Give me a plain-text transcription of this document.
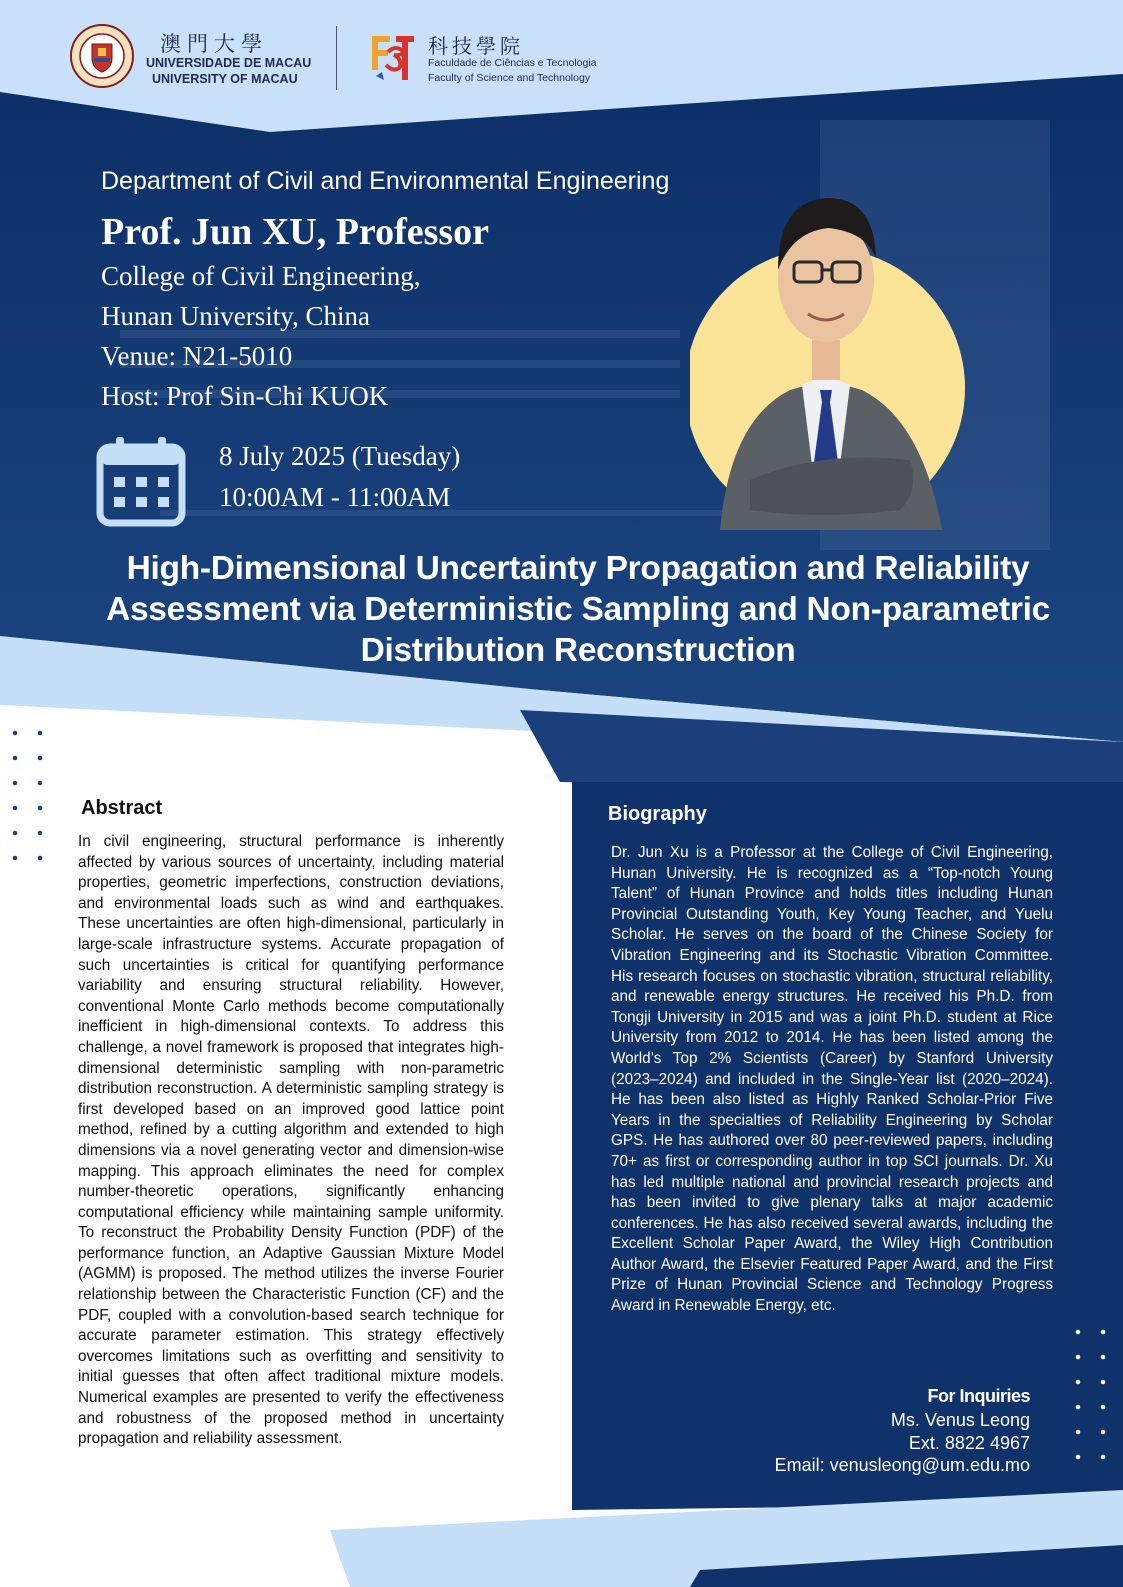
澳門大學
UNIVERSIDADE DE MACAU
UNIVERSITY OF MACAU
科技學院
Faculdade de Ciências e Tecnologia
Faculty of Science and Technology
Department of Civil and Environmental Engineering
Prof. Jun XU, Professor
College of Civil Engineering,
Hunan University, China
Venue: N21-5010
Host: Prof Sin-Chi KUOK
8 July 2025 (Tuesday)
10:00AM - 11:00AM
High-Dimensional Uncertainty Propagation and Reliability Assessment via Deterministic Sampling and Non-parametric Distribution Reconstruction
Abstract
In civil engineering, structural performance is inherently affected by various sources of uncertainty, including material properties, geometric imperfections, construction deviations, and environmental loads such as wind and earthquakes. These uncertainties are often high-dimensional, particularly in large-scale infrastructure systems. Accurate propagation of such uncertainties is critical for quantifying performance variability and ensuring structural reliability. However, conventional Monte Carlo methods become computationally inefficient in high-dimensional contexts. To address this challenge, a novel framework is proposed that integrates high-dimensional deterministic sampling with non-parametric distribution reconstruction. A deterministic sampling strategy is first developed based on an improved good lattice point method, refined by a cutting algorithm and extended to high dimensions via a novel generating vector and dimension-wise mapping. This approach eliminates the need for complex number-theoretic operations, significantly enhancing computational efficiency while maintaining sample uniformity. To reconstruct the Probability Density Function (PDF) of the performance function, an Adaptive Gaussian Mixture Model (AGMM) is proposed. The method utilizes the inverse Fourier relationship between the Characteristic Function (CF) and the PDF, coupled with a convolution-based search technique for accurate parameter estimation. This strategy effectively overcomes limitations such as overfitting and sensitivity to initial guesses that often affect traditional mixture models. Numerical examples are presented to verify the effectiveness and robustness of the proposed method in uncertainty propagation and reliability assessment.
Biography
Dr. Jun Xu is a Professor at the College of Civil Engineering, Hunan University. He is recognized as a “Top-notch Young Talent” of Hunan Province and holds titles including Hunan Provincial Outstanding Youth, Key Young Teacher, and Yuelu Scholar. He serves on the board of the Chinese Society for Vibration Engineering and its Stochastic Vibration Committee. His research focuses on stochastic vibration, structural reliability, and renewable energy structures. He received his Ph.D. from Tongji University in 2015 and was a joint Ph.D. student at Rice University from 2012 to 2014. He has been listed among the World’s Top 2% Scientists (Career) by Stanford University (2023–2024) and included in the Single-Year list (2020–2024). He has been also listed as Highly Ranked Scholar-Prior Five Years in the specialties of Reliability Engineering by Scholar GPS. He has authored over 80 peer-reviewed papers, including 70+ as first or corresponding author in top SCI journals. Dr. Xu has led multiple national and provincial research projects and has been invited to give plenary talks at major academic conferences. He has also received several awards, including the Excellent Scholar Paper Award, the Wiley High Contribution Author Award, the Elsevier Featured Paper Award, and the First Prize of Hunan Provincial Science and Technology Progress Award in Renewable Energy, etc.
For Inquiries
Ms. Venus Leong
Ext. 8822 4967
Email: venusleong@um.edu.mo
